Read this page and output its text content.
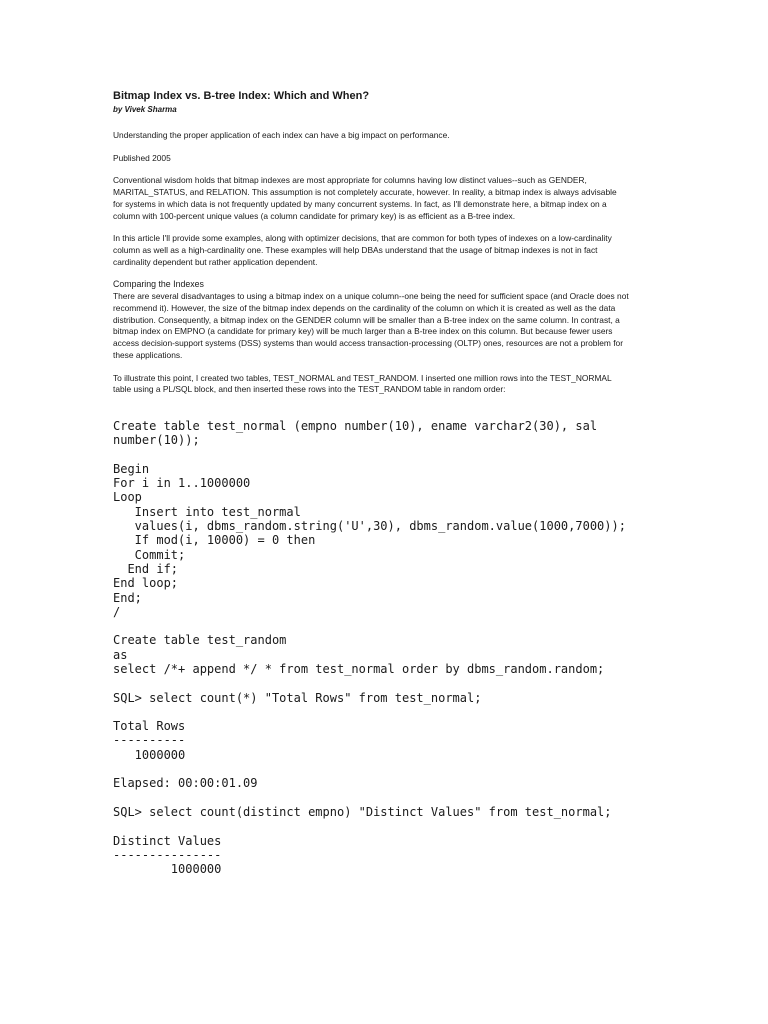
Bitmap Index vs. B-tree Index: Which and When?
by Vivek Sharma
Understanding the proper application of each index can have a big impact on performance.
Published 2005
Conventional wisdom holds that bitmap indexes are most appropriate for columns having low distinct values--such as GENDER,
MARITAL_STATUS, and RELATION. This assumption is not completely accurate, however. In reality, a bitmap index is always advisable
for systems in which data is not frequently updated by many concurrent systems. In fact, as I'll demonstrate here, a bitmap index on a
column with 100-percent unique values (a column candidate for primary key) is as efficient as a B-tree index.
In this article I'll provide some examples, along with optimizer decisions, that are common for both types of indexes on a low-cardinality
column as well as a high-cardinality one. These examples will help DBAs understand that the usage of bitmap indexes is not in fact
cardinality dependent but rather application dependent.
Comparing the Indexes
There are several disadvantages to using a bitmap index on a unique column--one being the need for sufficient space (and Oracle does not
recommend it). However, the size of the bitmap index depends on the cardinality of the column on which it is created as well as the data
distribution. Consequently, a bitmap index on the GENDER column will be smaller than a B-tree index on the same column. In contrast, a
bitmap index on EMPNO (a candidate for primary key) will be much larger than a B-tree index on this column. But because fewer users
access decision-support systems (DSS) systems than would access transaction-processing (OLTP) ones, resources are not a problem for
these applications.
To illustrate this point, I created two tables, TEST_NORMAL and TEST_RANDOM. I inserted one million rows into the TEST_NORMAL
table using a PL/SQL block, and then inserted these rows into the TEST_RANDOM table in random order:
Create table test_normal (empno number(10), ename varchar2(30), sal
number(10));
Begin
For i in 1..1000000
Loop
Insert into test_normal
values(i, dbms_random.string('U',30), dbms_random.value(1000,7000));
If mod(i, 10000) = 0 then
Commit;
End if;
End loop;
End;
/
Create table test_random
as
select /*+ append */ * from test_normal order by dbms_random.random;
SQL> select count(*) "Total Rows" from test_normal;
Total Rows
----------
1000000
Elapsed: 00:00:01.09
SQL> select count(distinct empno) "Distinct Values" from test_normal;
Distinct Values
---------------
1000000
